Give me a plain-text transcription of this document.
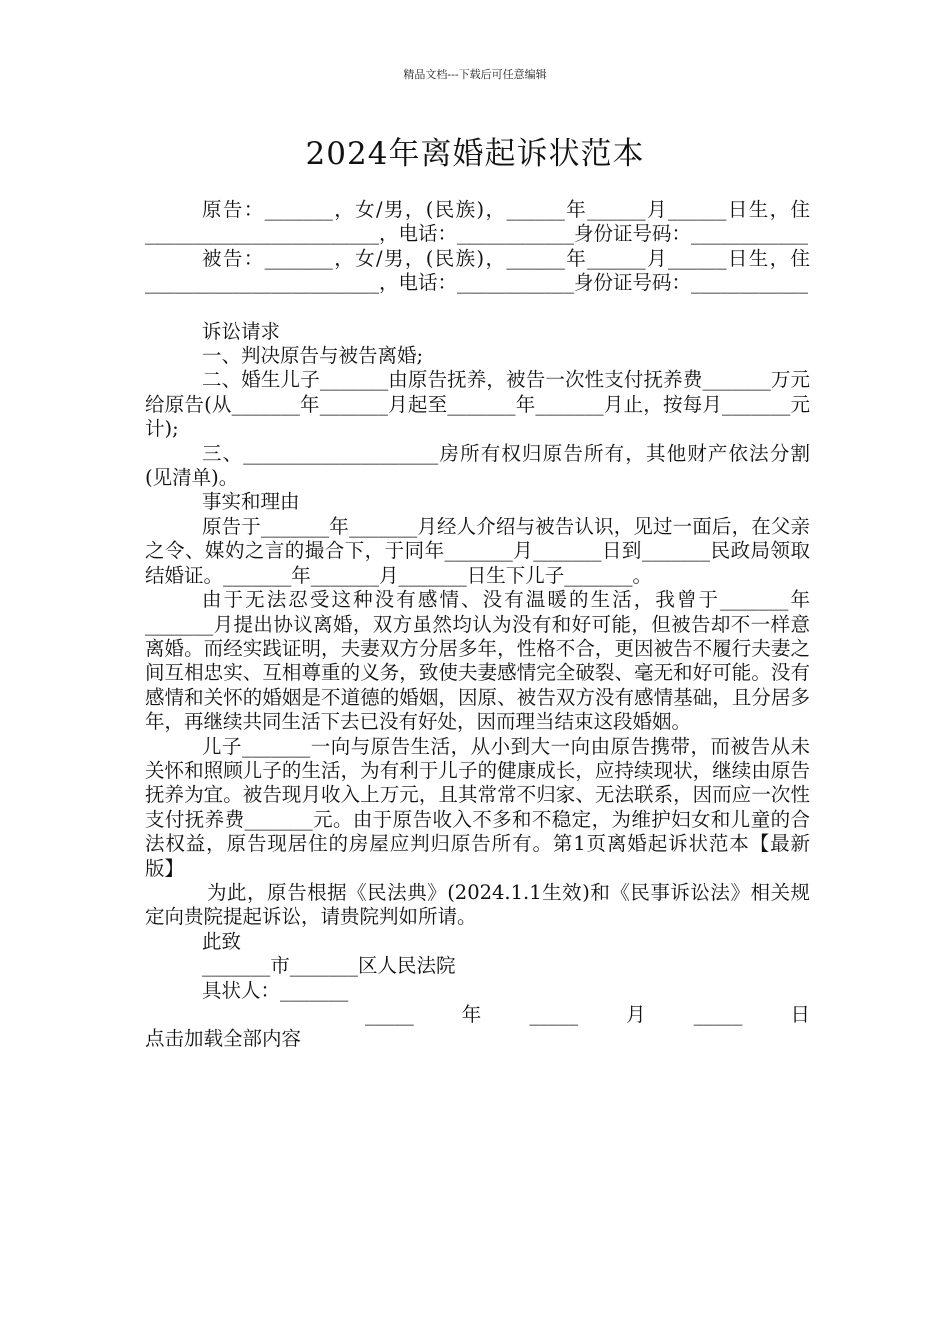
精品文档---下载后可任意编辑
2024年离婚起诉状范本

原告：_______，女/男，(民族)，______年______月______日生，住________________________，电话：____________身份证号码：____________

被告：_______，女/男，(民族)，______年______月______日生，住________________________，电话：____________身份证号码：____________

诉讼请求

一、判决原告与被告离婚;

二、婚生儿子_______由原告抚养，被告一次性支付抚养费_______万元给原告(从_______年_______月起至_______年_______月止，按每月_______元计);

三、____________________房所有权归原告所有，其他财产依法分割(见清单)。

事实和理由

原告于_______年_______月经人介绍与被告认识，见过一面后，在父亲之令、媒妁之言的撮合下，于同年_______月_______日到_______民政局领取结婚证。_______年_______月_______日生下儿子_______。

由于无法忍受这种没有感情、没有温暖的生活，我曾于_______年_______月提出协议离婚，双方虽然均认为没有和好可能，但被告却不一样意离婚。而经实践证明，夫妻双方分居多年，性格不合，更因被告不履行夫妻之间互相忠实、互相尊重的义务，致使夫妻感情完全破裂、毫无和好可能。没有感情和关怀的婚姻是不道德的婚姻，因原、被告双方没有感情基础，且分居多年，再继续共同生活下去已没有好处，因而理当结束这段婚姻。

儿子_______一向与原告生活，从小到大一向由原告携带，而被告从未关怀和照顾儿子的生活，为有利于儿子的健康成长，应持续现状，继续由原告抚养为宜。被告现月收入上万元，且其常常不归家、无法联系，因而应一次性支付抚养费_______元。由于原告收入不多和不稳定，为维护妇女和儿童的合法权益，原告现居住的房屋应判归原告所有。第1页离婚起诉状范本【最新版】

为此，原告根据《民法典》(2024.1.1生效)和《民事诉讼法》相关规定向贵院提起诉讼，请贵院判如所请。

此致

_______市_______区人民法院

具状人：_______

_____ 年 _____ 月 _____ 日

点击加载全部内容
